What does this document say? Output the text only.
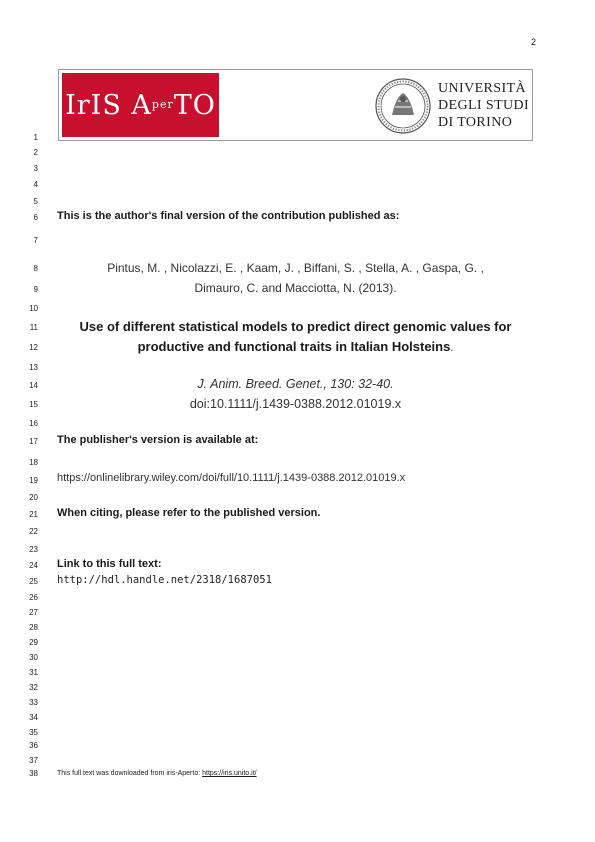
2
IrIS $A^{per}TO$
UNIVERSITÀ
DEGLI STUDI
DI TORINO
1
2
3
4
5
6
7
8
9
10
11
12
13
14
15
16
17
18
19
20
21
22
23
24
25
26
27
28
29
30
31
32
33
34
35
36
37
38
This is the author's final version of the contribution published as:
Pintus, M. , Nicolazzi, E. , Kaam, J. , Biffani, S. , Stella, A. , Gaspa, G. ,
Dimauro, C. and Macciotta, N. (2013).
Use of different statistical models to predict direct genomic values for
productive and functional traits in Italian Holsteins.
J. Anim. Breed. Genet., 130: 32-40.
doi:10.1111/j.1439-0388.2012.01019.x
The publisher's version is available at:
https://onlinelibrary.wiley.com/doi/full/10.1111/j.1439-0388.2012.01019.x
When citing, please refer to the published version.
Link to this full text:
http://hdl.handle.net/2318/1687051
This full text was downloaded from iris-Aperto: https://iris.unito.it/
